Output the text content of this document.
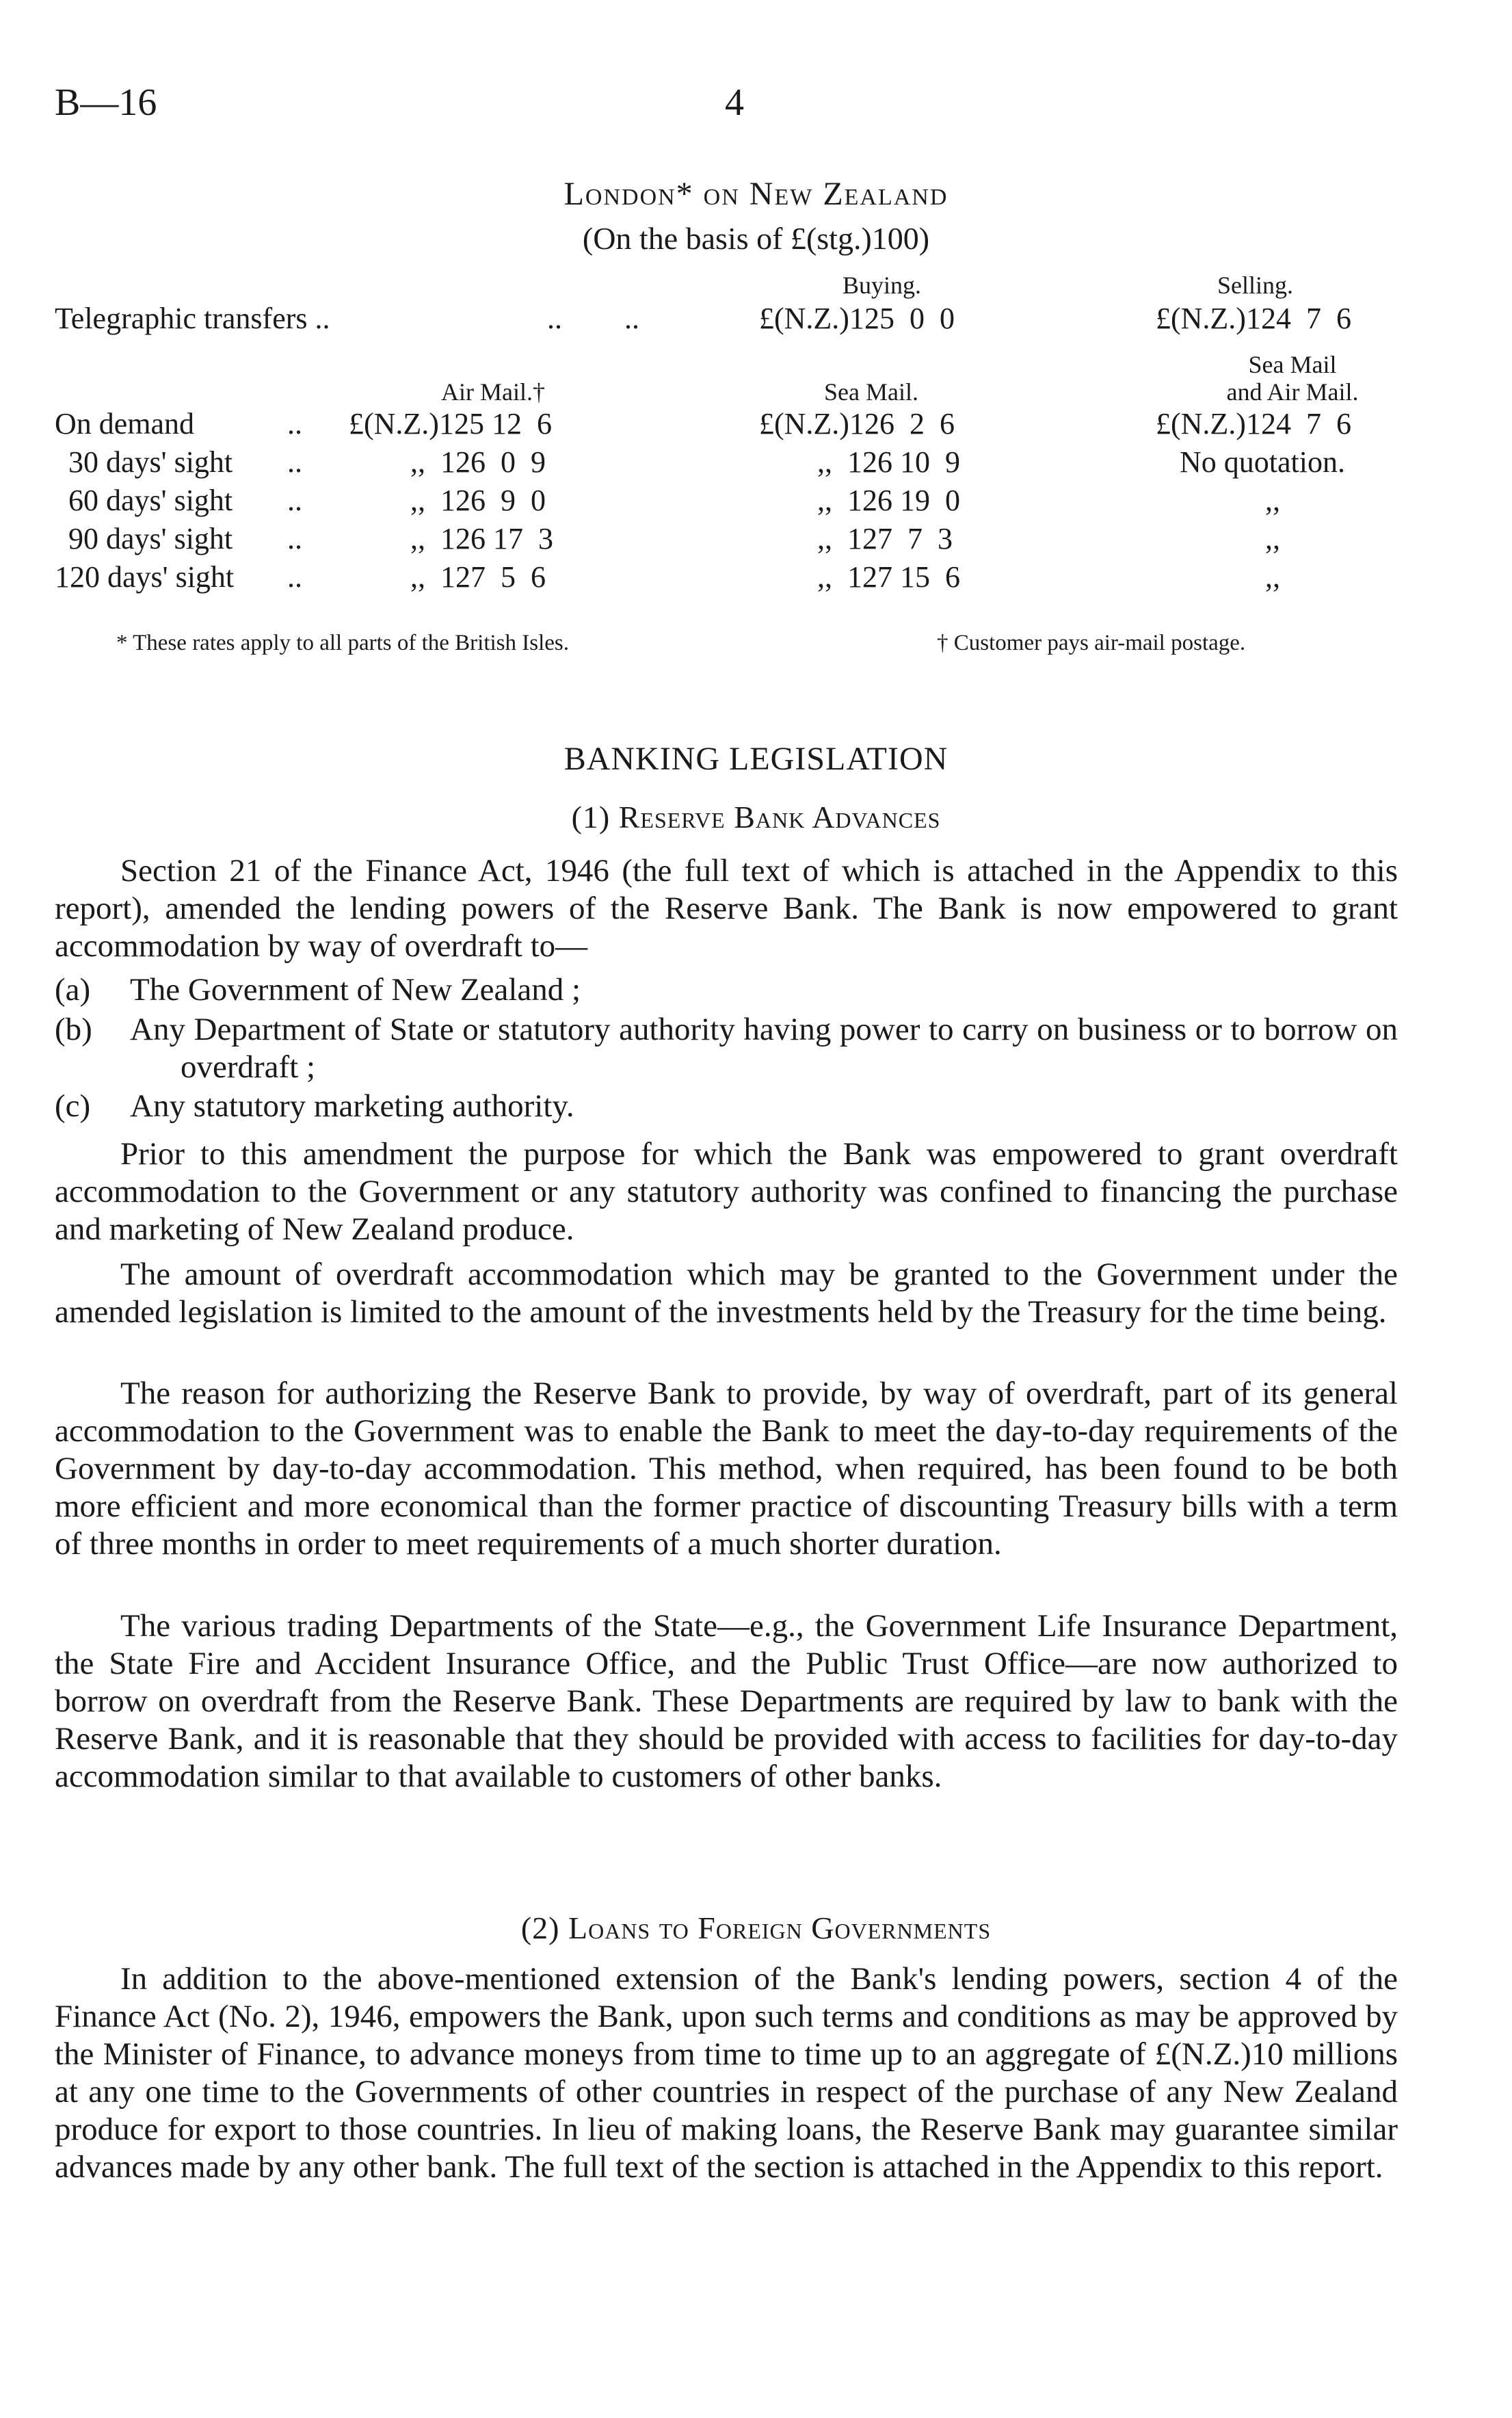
B—16	4
London* on New Zealand
(On the basis of £(stg.)100)
Buying.	Selling.
Telegraphic transfers ..	.. ..	£(N.Z.)125  0  0	£(N.Z.)124  7  6
Sea Mail
Air Mail.†	Sea Mail.	and Air Mail.
On demand	.. £(N.Z.)125 12  6	£(N.Z.)126  2  6	£(N.Z.)124  7  6
30 days' sight ..	,,  126  0  9	,,  126 10  9	No quotation.
60 days' sight ..	,,  126  9  0	,,  126 19  0	,,
90 days' sight ..	,,  126 17  3	,,  127  7  3	,,
120 days' sight ..	,,  127  5  6	,,  127 15  6	,,
* These rates apply to all parts of the British Isles.	† Customer pays air-mail postage.
BANKING LEGISLATION
(1) Reserve Bank Advances

Section 21 of the Finance Act, 1946 (the full text of which is attached in the Appendix to this report), amended the lending powers of the Reserve Bank. The Bank is now empowered to grant accommodation by way of overdraft to—

(a) The Government of New Zealand ;
(b) Any Department of State or statutory authority having power to carry on business or to borrow on overdraft ;
(c) Any statutory marketing authority.

Prior to this amendment the purpose for which the Bank was empowered to grant overdraft accommodation to the Government or any statutory authority was confined to financing the purchase and marketing of New Zealand produce.

The amount of overdraft accommodation which may be granted to the Government under the amended legislation is limited to the amount of the investments held by the Treasury for the time being.

The reason for authorizing the Reserve Bank to provide, by way of overdraft, part of its general accommodation to the Government was to enable the Bank to meet the day-to-day requirements of the Government by day-to-day accommodation. This method, when required, has been found to be both more efficient and more economical than the former practice of discounting Treasury bills with a term of three months in order to meet requirements of a much shorter duration.

The various trading Departments of the State—e.g., the Government Life Insurance Department, the State Fire and Accident Insurance Office, and the Public Trust Office—are now authorized to borrow on overdraft from the Reserve Bank. These Departments are required by law to bank with the Reserve Bank, and it is reasonable that they should be provided with access to facilities for day-to-day accommodation similar to that available to customers of other banks.

(2) Loans to Foreign Governments

In addition to the above-mentioned extension of the Bank's lending powers, section 4 of the Finance Act (No. 2), 1946, empowers the Bank, upon such terms and conditions as may be approved by the Minister of Finance, to advance moneys from time to time up to an aggregate of £(N.Z.)10 millions at any one time to the Governments of other countries in respect of the purchase of any New Zealand produce for export to those countries. In lieu of making loans, the Reserve Bank may guarantee similar advances made by any other bank. The full text of the section is attached in the Appendix to this report.
